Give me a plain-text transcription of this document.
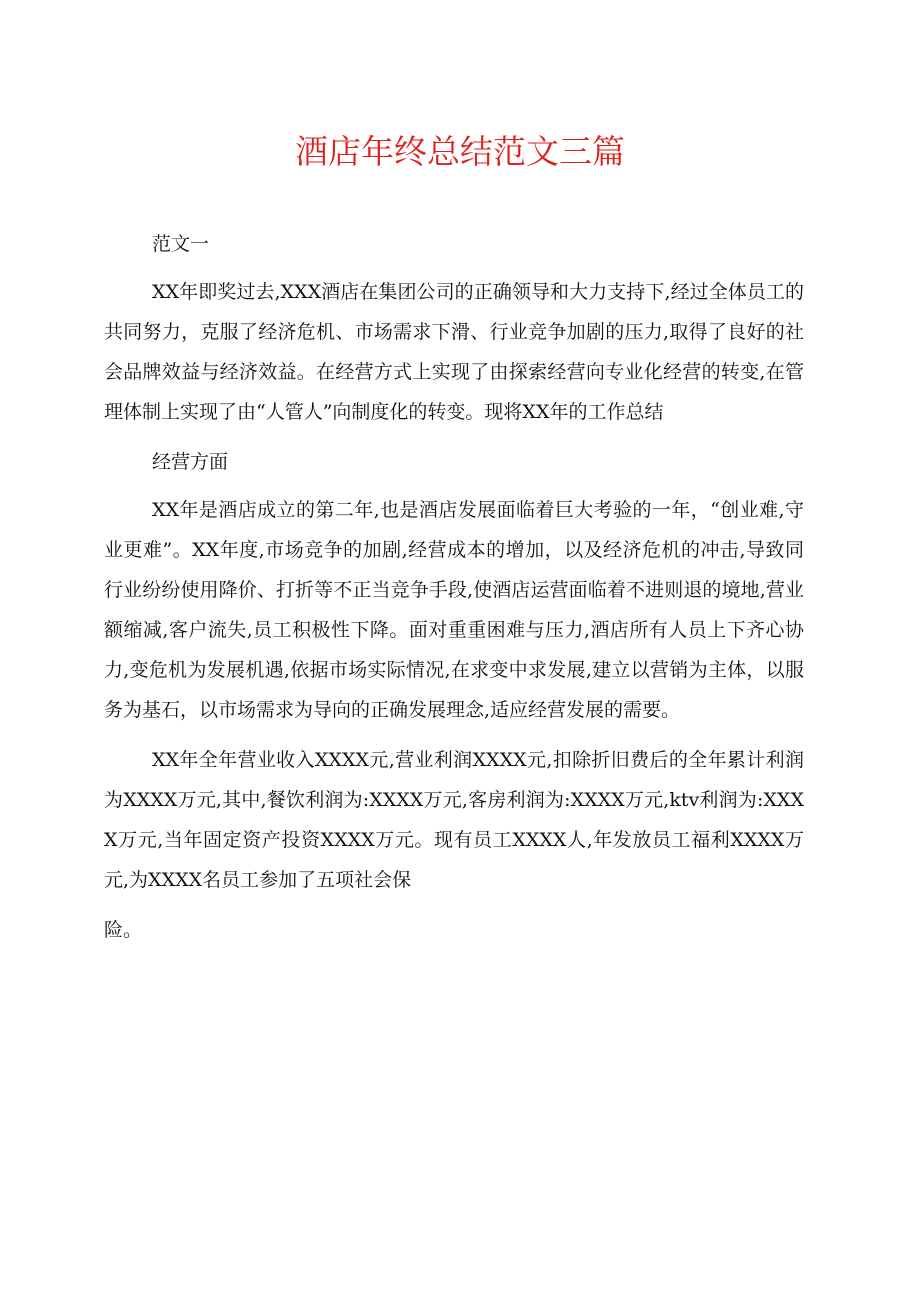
酒店年终总结范文三篇

范文一

XX年即奖过去,XXX酒店在集团公司的正确领导和大力支持下,经过全体员工的共同努力，克服了经济危机、市场需求下滑、行业竞争加剧的压力,取得了良好的社会品牌效益与经济效益。在经营方式上实现了由探索经营向专业化经营的转变,在管理体制上实现了由“人管人”向制度化的转变。现将XX年的工作总结

经营方面

XX年是酒店成立的第二年,也是酒店发展面临着巨大考验的一年，“创业难,守业更难”。XX年度,市场竞争的加剧,经营成本的增加，以及经济危机的冲击,导致同行业纷纷使用降价、打折等不正当竞争手段,使酒店运营面临着不进则退的境地,营业额缩减,客户流失,员工积极性下降。面对重重困难与压力,酒店所有人员上下齐心协力,变危机为发展机遇,依据市场实际情况,在求变中求发展,建立以营销为主体，以服务为基石，以市场需求为导向的正确发展理念,适应经营发展的需要。

XX年全年营业收入XXXX元,营业利润XXXX元,扣除折旧费后的全年累计利润为XXXX万元,其中,餐饮利润为:XXXX万元,客房利润为:XXXX万元,ktv利润为:XXXX万元,当年固定资产投资XXXX万元。现有员工XXXX人,年发放员工福利XXXX万元,为XXXX名员工参加了五项社会保

险。
